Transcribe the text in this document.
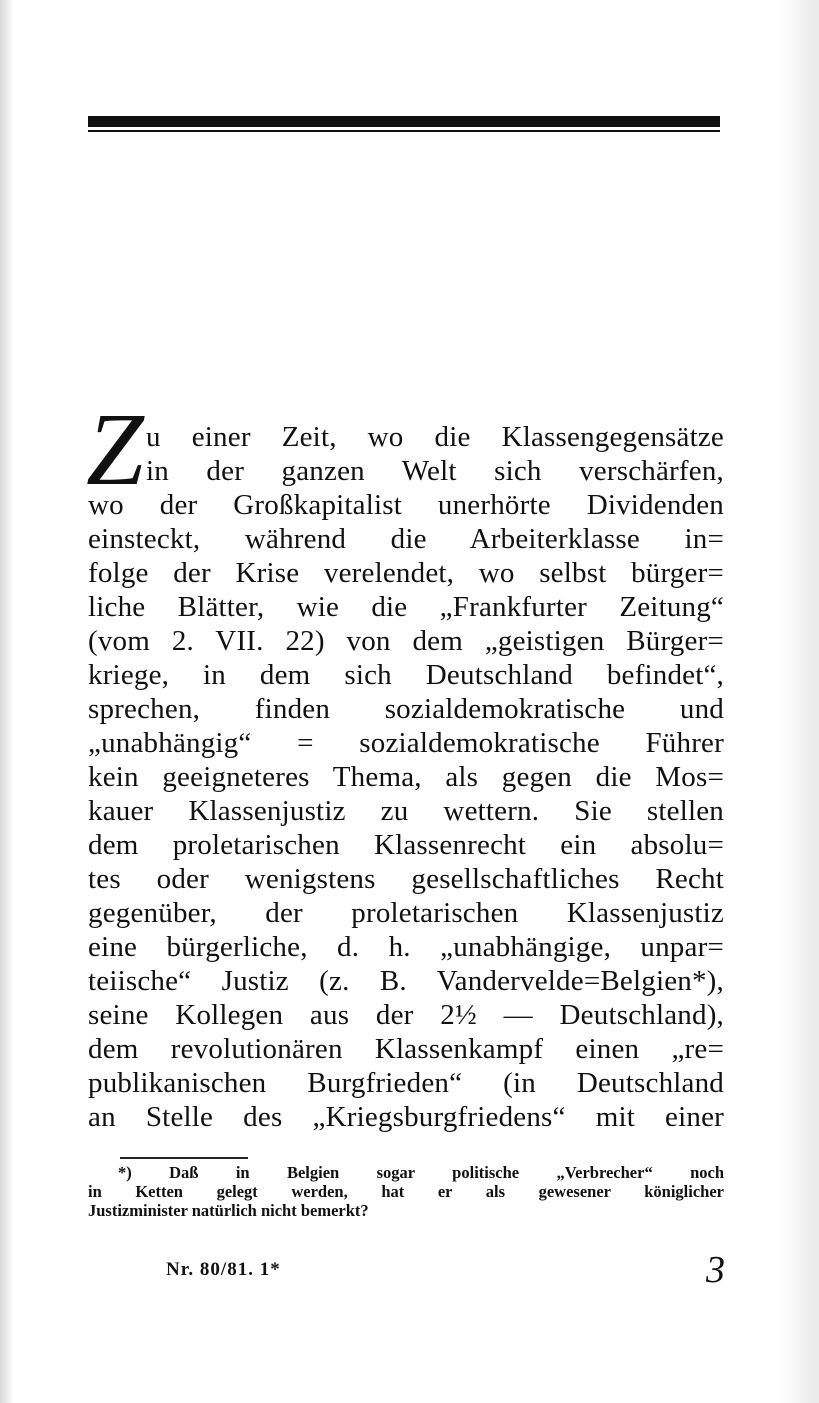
Z u einer Zeit, wo die Klassengegensätze
in der ganzen Welt sich verschärfen,
wo der Großkapitalist unerhörte Dividenden
einsteckt, während die Arbeiterklasse in=
folge der Krise verelendet, wo selbst bürger=
liche Blätter, wie die „Frankfurter Zeitung“
(vom 2. VII. 22) von dem „geistigen Bürger=
kriege, in dem sich Deutschland befindet“,
sprechen, finden sozialdemokratische und
„unabhängig“ = sozialdemokratische Führer
kein geeigneteres Thema, als gegen die Mos=
kauer Klassenjustiz zu wettern. Sie stellen
dem proletarischen Klassenrecht ein absolu=
tes oder wenigstens gesellschaftliches Recht
gegenüber, der proletarischen Klassenjustiz
eine bürgerliche, d. h. „unabhängige, unpar=
teiische“ Justiz (z. B. Vandervelde=Belgien*),
seine Kollegen aus der 2½ — Deutschland),
dem revolutionären Klassenkampf einen „re=
publikanischen Burgfrieden“ (in Deutschland
an Stelle des „Kriegsburgfriedens“ mit einer
*) Daß in Belgien sogar politische „Verbrecher“ noch
in Ketten gelegt werden, hat er als gewesener königlicher
Justizminister natürlich nicht bemerkt?
Nr. 80/81. 1*	3
